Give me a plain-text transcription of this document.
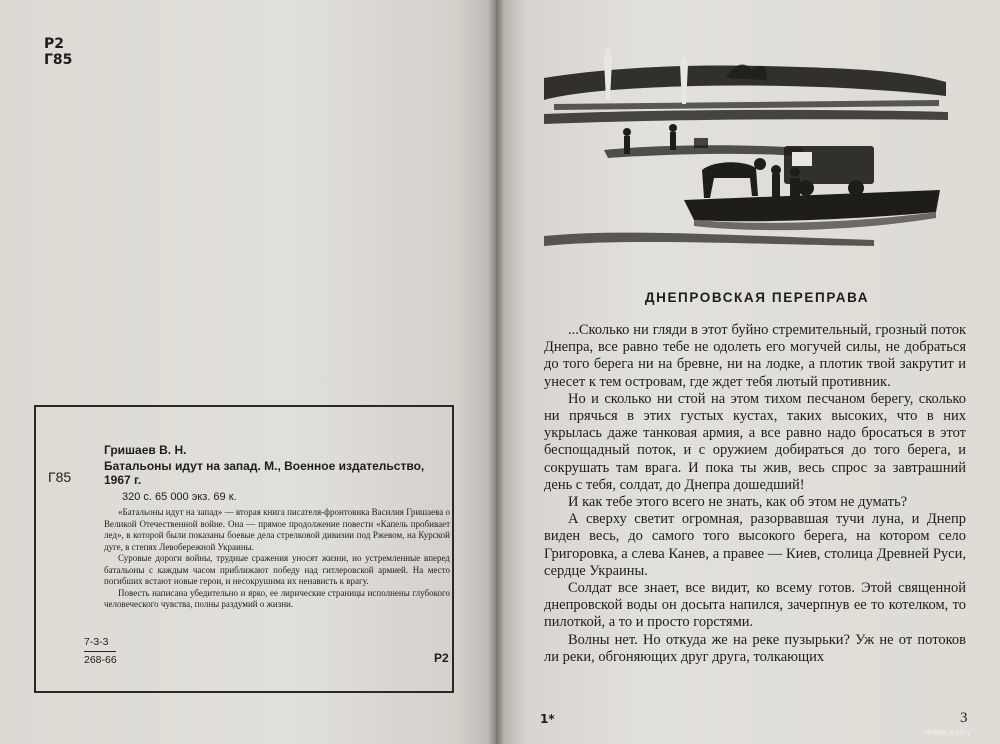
Р2
Г85
Гришаев В. Н.
Г85
Батальоны идут на запад. М., Военное издательство, 1967 г.
320 с. 65 000 экз. 69 к.

«Батальоны идут на запад» — вторая книга писателя-фронтовика Василия Гришаева о Великой Отечественной войне. Она — прямое продолжение повести «Капель пробивает лед», в которой были показаны боевые дела стрелковой дивизии под Ржевом, на Курской дуге, в степях Левобережной Украины.

Суровые дороги войны, трудные сражения уносят жизни, но устремленные вперед батальоны с каждым часом приближают победу над гитлеровской армией. На место погибших встают новые герои, и несокрушима их ненависть к врагу.

Повесть написана убедительно и ярко, ее лирические страницы исполнены глубокого человеческого чувства, полны раздумий о жизни.

7-3-3
268-66	Р2
ДНЕПРОВСКАЯ ПЕРЕПРАВА

...Сколько ни гляди в этот буйно стремительный, грозный поток Днепра, все равно тебе не одолеть его могучей силы, не добраться до того берега ни на бревне, ни на лодке, а плотик твой закрутит и унесет к тем островам, где ждет тебя лютый противник.

Но и сколько ни стой на этом тихом песчаном берегу, сколько ни прячься в этих густых кустах, таких высоких, что в них укрылась даже танковая армия, а все равно надо бросаться в этот беспощадный поток, и с оружием добираться до того берега, и сокрушать там врага. И пока ты жив, весь спрос за завтрашний день с тебя, солдат, до Днепра дошедший!

И как тебе этого всего не знать, как об этом не думать?

А сверху светит огромная, разорвавшая тучи луна, и Днепр виден весь, до самого того высокого берега, на котором село Григоровка, а слева Канев, а правее — Киев, столица Древней Руси, сердце Украины.

Солдат все знает, все видит, ко всему готов. Этой священной днепровской воды он досыта напился, зачерпнув ее то котелком, то пилоткой, а то и просто горстями.

Волны нет. Но откуда же на реке пузырьки? Уж не от потоков ли реки, обгоняющих друг друга, толкающих

1*	3
www.ay.by
